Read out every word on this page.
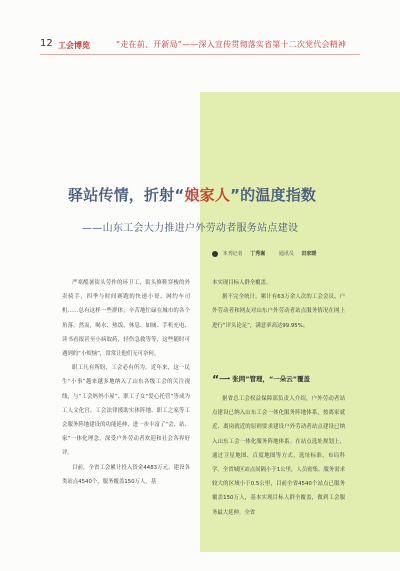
12 工会博览	“走在前、开新局”——深入宣传贯彻落实省第十二次党代会精神
驿站传情，折射“娘家人”的温度指数
——山东工会大力推进户外劳动者服务站点建设
本刊记者 丁秀嵩	通讯员 田家暖

严寒酷暑街头劳作的环卫工，街头修鞋穿梭的外卖骑手，四季与时间赛跑的快递小哥、网约车司机……总有这样一些群体，辛苦地忙碌在城市的各个角落。然而，喝水、热饭、休息、如厕、手机充电、读书看报甚至小病取药，轻伤急救等等，这些随时可遇到的“小烦恼”，常常让他们无可奈何。

职工凡有所盼，工会必有所为。近年来，这一民生“小事”越来越多地纳入了山东各级工会的关注视线，与“工会妈妈小屋”、职工子女“爱心托管”等成为工人文化宫、工会法律援助实体阵地、职工之家等工会服务阵地建设的功能延伸，进一步丰富了“会、站、家”一体化理念，深受户外劳动者欢迎和社会各界好评。

目前，全省工会累计投入资金4483万元，建设各类站点4540个，服务覆盖150万人，基

本实现目标人群全覆盖。

据不完全统计，累计有63万余人次的工会会员、户外劳动者和网友对山东户外劳动者站点服务情况在网上进行“评头论足”，满意率高达99.95%。

“一张网”管理，“一朵云”覆盖

据省总工会权益保障部负责人介绍，户外劳动者站点建设已纳入山东工会一体化服务阵地体系，按离家就近、离岗就近的原则要求建设户外劳动者站点建设已纳入山东工会一体化服务阵地体系。在站点选址规划上，通过卫星地图、百度地图等方式，选址标准，布局科学。全省城区站点间隔小于1公里，人员密集、服务需求较大的区域小于0.5公里，目前全省4540个站点已服务覆盖150万人，基本实现目标人群全覆盖，做到工会服务最大延伸。全省
